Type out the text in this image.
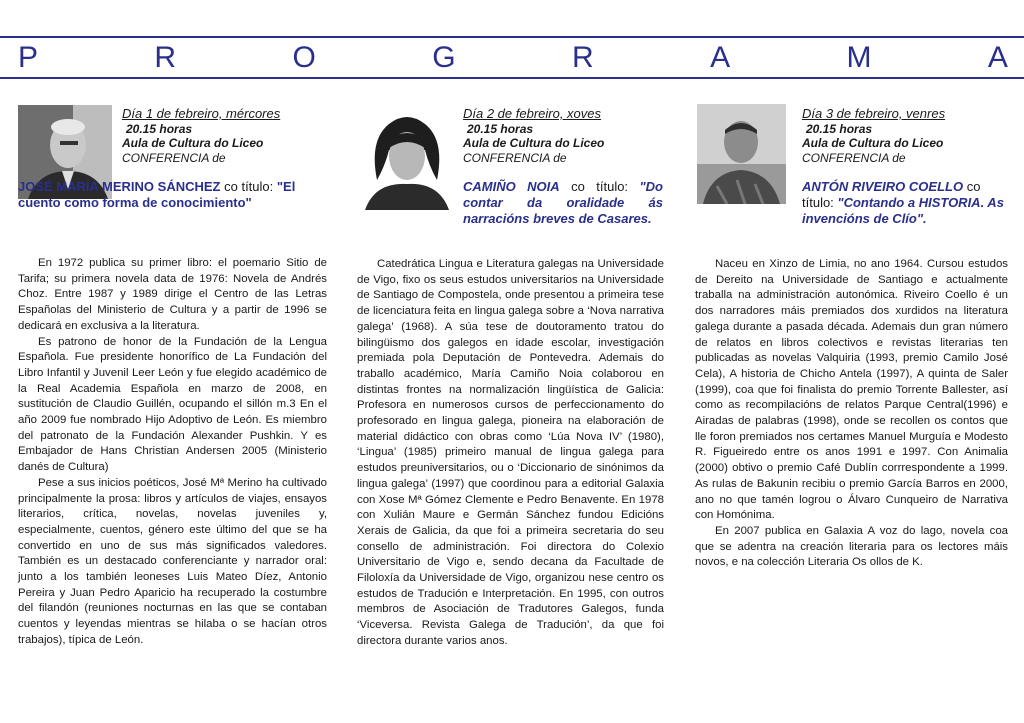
P	R	O	G	R	A	M	A
Día 1 de febreiro, mércores
20.15 horas
Aula de Cultura do Liceo
CONFERENCIA de
JOSÉ MARÍA MERINO SÁNCHEZ co título: "El cuento como forma de conocimiento"

En 1972 publica su primer libro: el poemario Sitio de Tarifa; su primera novela data de 1976: Novela de Andrés Choz. Entre 1987 y 1989 dirige el Centro de las Letras Españolas del Ministerio de Cultura y a partir de 1996 se dedicará en exclusiva a la literatura.

Es patrono de honor de la Fundación de la Lengua Española. Fue presidente honorífico de La Fundación del Libro Infantil y Juvenil Leer León y fue elegido académico de la Real Academia Española en marzo de 2008, en sustitución de Claudio Guillén, ocupando el sillón m.3 En el año 2009 fue nombrado Hijo Adoptivo de León. Es miembro del patronato de la Fundación Alexander Pushkin. Y es Embajador de Hans Christian Andersen 2005 (Ministerio danés de Cultura)

Pese a sus inicios poéticos, José Mª Merino ha cultivado principalmente la prosa: libros y artículos de viajes, ensayos literarios, crítica, novelas, novelas juveniles y, especialmente, cuentos, género este último del que se ha convertido en uno de sus más significados valedores. También es un destacado conferenciante y narrador oral: junto a los también leoneses Luis Mateo Díez, Antonio Pereira y Juan Pedro Aparicio ha recuperado la costumbre del filandón (reuniones nocturnas en las que se contaban cuentos y leyendas mientras se hilaba o se hacían otros trabajos), típica de León.

Día 2 de febreiro, xoves
20.15 horas
Aula de Cultura do Liceo
CONFERENCIA de
CAMIÑO NOIA co título: "Do contar da oralidade ás narracións breves de Casares.

Catedrática Lingua e Literatura galegas na Universidade de Vigo, fixo os seus estudos universitarios na Universidade de Santiago de Compostela, onde presentou a primeira tese de licenciatura feita en lingua galega sobre a ‘Nova narrativa galega’ (1968). A súa tese de doutoramento tratou do bilingüismo dos galegos en idade escolar, investigación premiada pola Deputación de Pontevedra. Ademais do traballo académico, María Camiño Noia colaborou en distintas frontes na normalización lingüística de Galicia: Profesora en numerosos cursos de perfeccionamento do profesorado en lingua galega, pioneira na elaboración de material didáctico con obras como ‘Lúa Nova IV’ (1980), ‘Lingua’ (1985) primeiro manual de lingua galega para estudos preuniversitarios, ou o ‘Diccionario de sinónimos da lingua galega’ (1997) que coordinou para a editorial Galaxia con Xose Mª Gómez Clemente e Pedro Benavente. En 1978 con Xulián Maure e Germán Sánchez fundou Edicións Xerais de Galicia, da que foi a primeira secretaria do seu consello de administración. Foi directora do Colexio Universitario de Vigo e, sendo decana da Facultade de Filoloxía da Universidade de Vigo, organizou nese centro os estudos de Tradución e Interpretación. En 1995, con outros membros de Asociación de Tradutores Galegos, funda ‘Viceversa. Revista Galega de Tradución’, da que foi directora durante varios anos.

Día 3 de febreiro, venres
20.15 horas
Aula de Cultura do Liceo
CONFERENCIA de
ANTÓN RIVEIRO COELLO co título: "Contando a HISTORIA. As invencións de Clío".

Naceu en Xinzo de Limia, no ano 1964. Cursou estudos de Dereito na Universidade de Santiago e actualmente traballa na administración autonómica. Riveiro Coello é un dos narradores máis premiados dos xurdidos na literatura galega durante a pasada década. Ademais dun gran número de relatos en libros colectivos e revistas literarias ten publicadas as novelas Valquiria (1993, premio Camilo José Cela), A historia de Chicho Antela (1997), A quinta de Saler (1999), coa que foi finalista do premio Torrente Ballester, así como as recompilacións de relatos Parque Central(1996) e Airadas de palabras (1998), onde se recollen os contos que lle foron premiados nos certames Manuel Murguía e Modesto R. Figueiredo entre os anos 1991 e 1997. Con Animalia (2000) obtivo o premio Café Dublín corrrespondente a 1999. As rulas de Bakunin recibiu o premio García Barros en 2000, ano no que tamén logrou o Álvaro Cunqueiro de Narrativa con Homónima.

En 2007 publica en Galaxia A voz do lago, novela coa que se adentra na creación literaria para os lectores máis novos, e na colección Literaria Os ollos de K.
